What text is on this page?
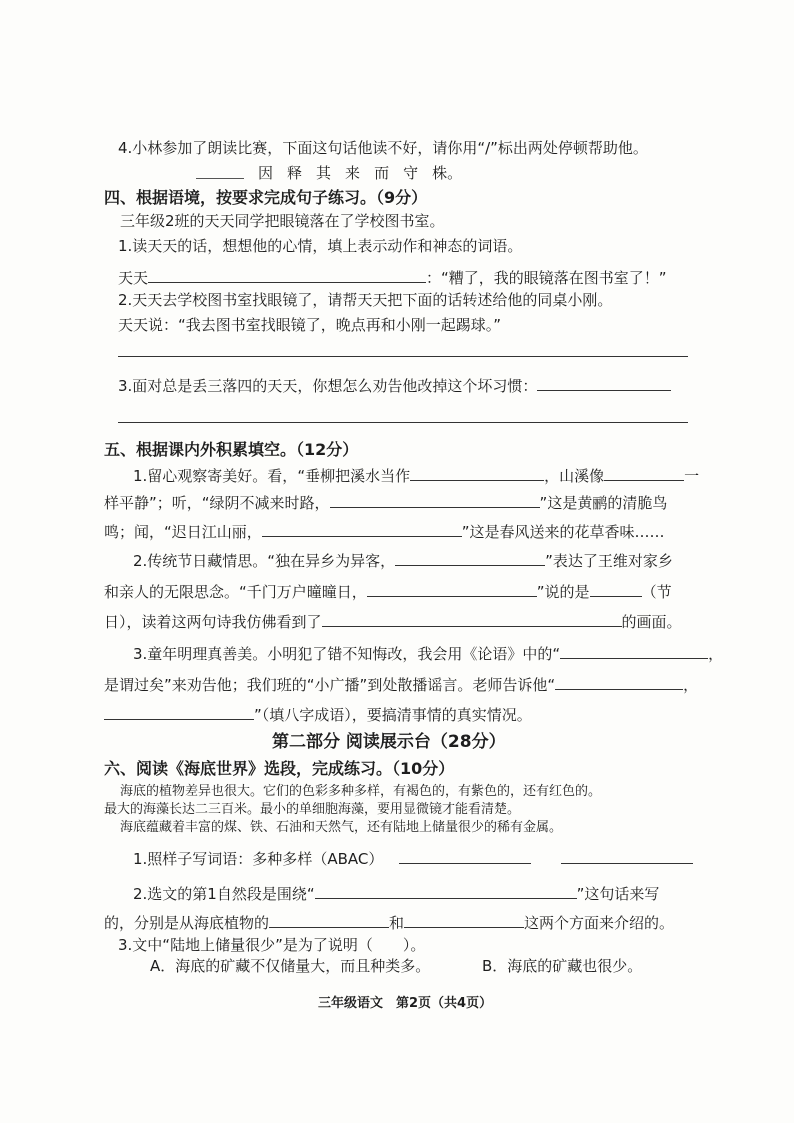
4.小林参加了朗读比赛，下面这句话他读不好，请你用“/”标出两处停顿帮助他。
因 释 其 来 而 守 株。
四、根据语境，按要求完成句子练习。（9分）
三年级2班的天天同学把眼镜落在了学校图书室。
1.读天天的话，想想他的心情，填上表示动作和神态的词语。
天天	：“糟了，我的眼镜落在图书室了！”
2.天天去学校图书室找眼镜了，请帮天天把下面的话转述给他的同桌小刚。
天天说：“我去图书室找眼镜了，晚点再和小刚一起踢球。”
3.面对总是丢三落四的天天，你想怎么劝告他改掉这个坏习惯：
五、根据课内外积累填空。（12分）
1.留心观察寄美好。看，“垂柳把溪水当作	，山溪像	一
样平静”；听，“绿阴不减来时路，	”这是黄鹂的清脆鸟
鸣；闻，“迟日江山丽，	”这是春风送来的花草香味……
2.传统节日藏情思。“独在异乡为异客，	”表达了王维对家乡
和亲人的无限思念。“千门万户曈曈日，	”说的是	（节
日），读着这两句诗我仿佛看到了	的画面。
3.童年明理真善美。小明犯了错不知悔改，我会用《论语》中的“	，
是谓过矣”来劝告他；我们班的“小广播”到处散播谣言。老师告诉他“	，
”（填八字成语），要搞清事情的真实情况。
第二部分 阅读展示台（28分）
六、阅读《海底世界》选段，完成练习。（10分）
海底的植物差异也很大。它们的色彩多种多样，有褐色的，有紫色的，还有红色的。
最大的海藻长达二三百米。最小的单细胞海藻，要用显微镜才能看清楚。
海底蕴藏着丰富的煤、铁、石油和天然气，还有陆地上储量很少的稀有金属。
1.照样子写词语：多种多样（ABAC）
2.选文的第1自然段是围绕“	”这句话来写
的，分别是从海底植物的	和	这两个方面来介绍的。
3.文中“陆地上储量很少”是为了说明（　　）。
A．海底的矿藏不仅储量大，而且种类多。	B．海底的矿藏也很少。
三年级语文　第2页（共4页）
